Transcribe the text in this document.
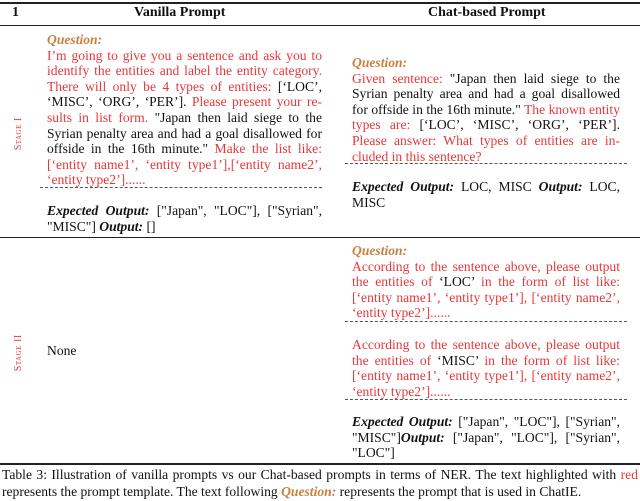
1	Vanilla Prompt	Chat-based Prompt
Stage I
Question:
I’m going to give you a sentence and ask you to identify the entities and label the entity category. There will only be 4 types of entities: [‘LOC’, ‘MISC’, ‘ORG’, ‘PER’]. Please present your results in list form. "Japan then laid siege to the Syrian penalty area and had a goal disallowed for offside in the 16th minute." Make the list like: [‘entity name1’, ‘entity type1’],[‘entity name2’, ‘entity type2’]......
Expected Output: ["Japan", "LOC"], ["Syrian", "MISC"] Output: []
Question:
Given sentence: "Japan then laid siege to the Syrian penalty area and had a goal disallowed for offside in the 16th minute." The known entity types are: [‘LOC’, ‘MISC’, ‘ORG’, ‘PER’]. Please answer: What types of entities are included in this sentence?
Expected Output: LOC, MISC Output: LOC, MISC
Stage II None
Question:
According to the sentence above, please output the entities of ‘LOC’ in the form of list like: [‘entity name1’, ‘entity type1’], [‘entity name2’, ‘entity type2’]......
According to the sentence above, please output the entities of ‘MISC’ in the form of list like: [‘entity name1’, ‘entity type1’], [‘entity name2’, ‘entity type2’]......
Expected Output: ["Japan", "LOC"], ["Syrian", "MISC"]Output: ["Japan", "LOC"], ["Syrian", "LOC"]
Table 3: Illustration of vanilla prompts vs our Chat-based prompts in terms of NER. The text highlighted with red represents the prompt template. The text following Question: represents the prompt that is used in ChatIE.
